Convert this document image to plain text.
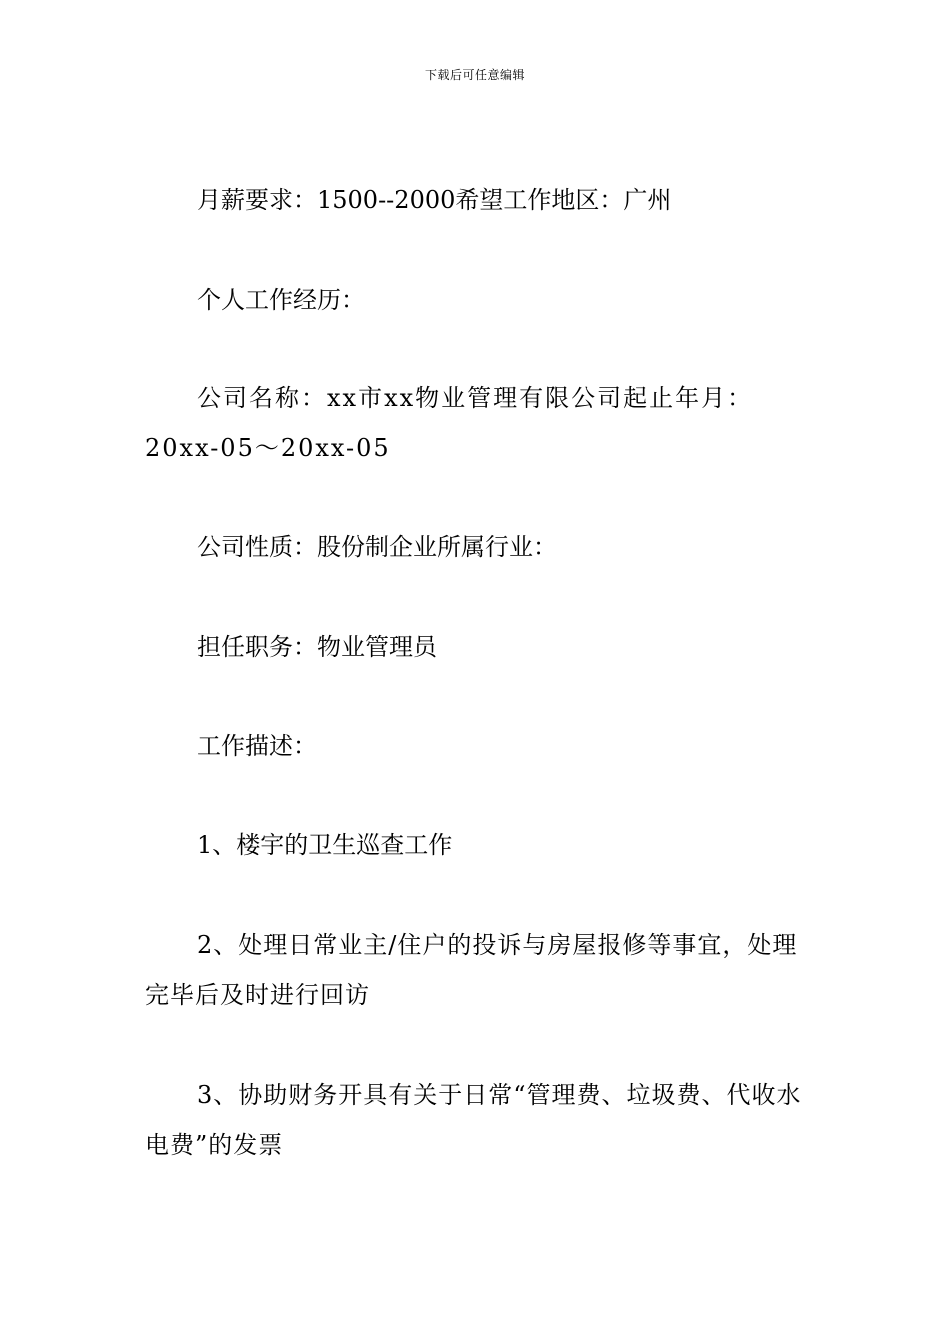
下载后可任意编辑
月薪要求：1500--2000希望工作地区：广州
个人工作经历：
公司名称：xx市xx物业管理有限公司起止年月：20xx-05～20xx-05
公司性质：股份制企业所属行业：
担任职务：物业管理员
工作描述：
1、楼宇的卫生巡查工作
2、处理日常业主/住户的投诉与房屋报修等事宜，处理完毕后及时进行回访
3、协助财务开具有关于日常“管理费、垃圾费、代收水电费”的发票
